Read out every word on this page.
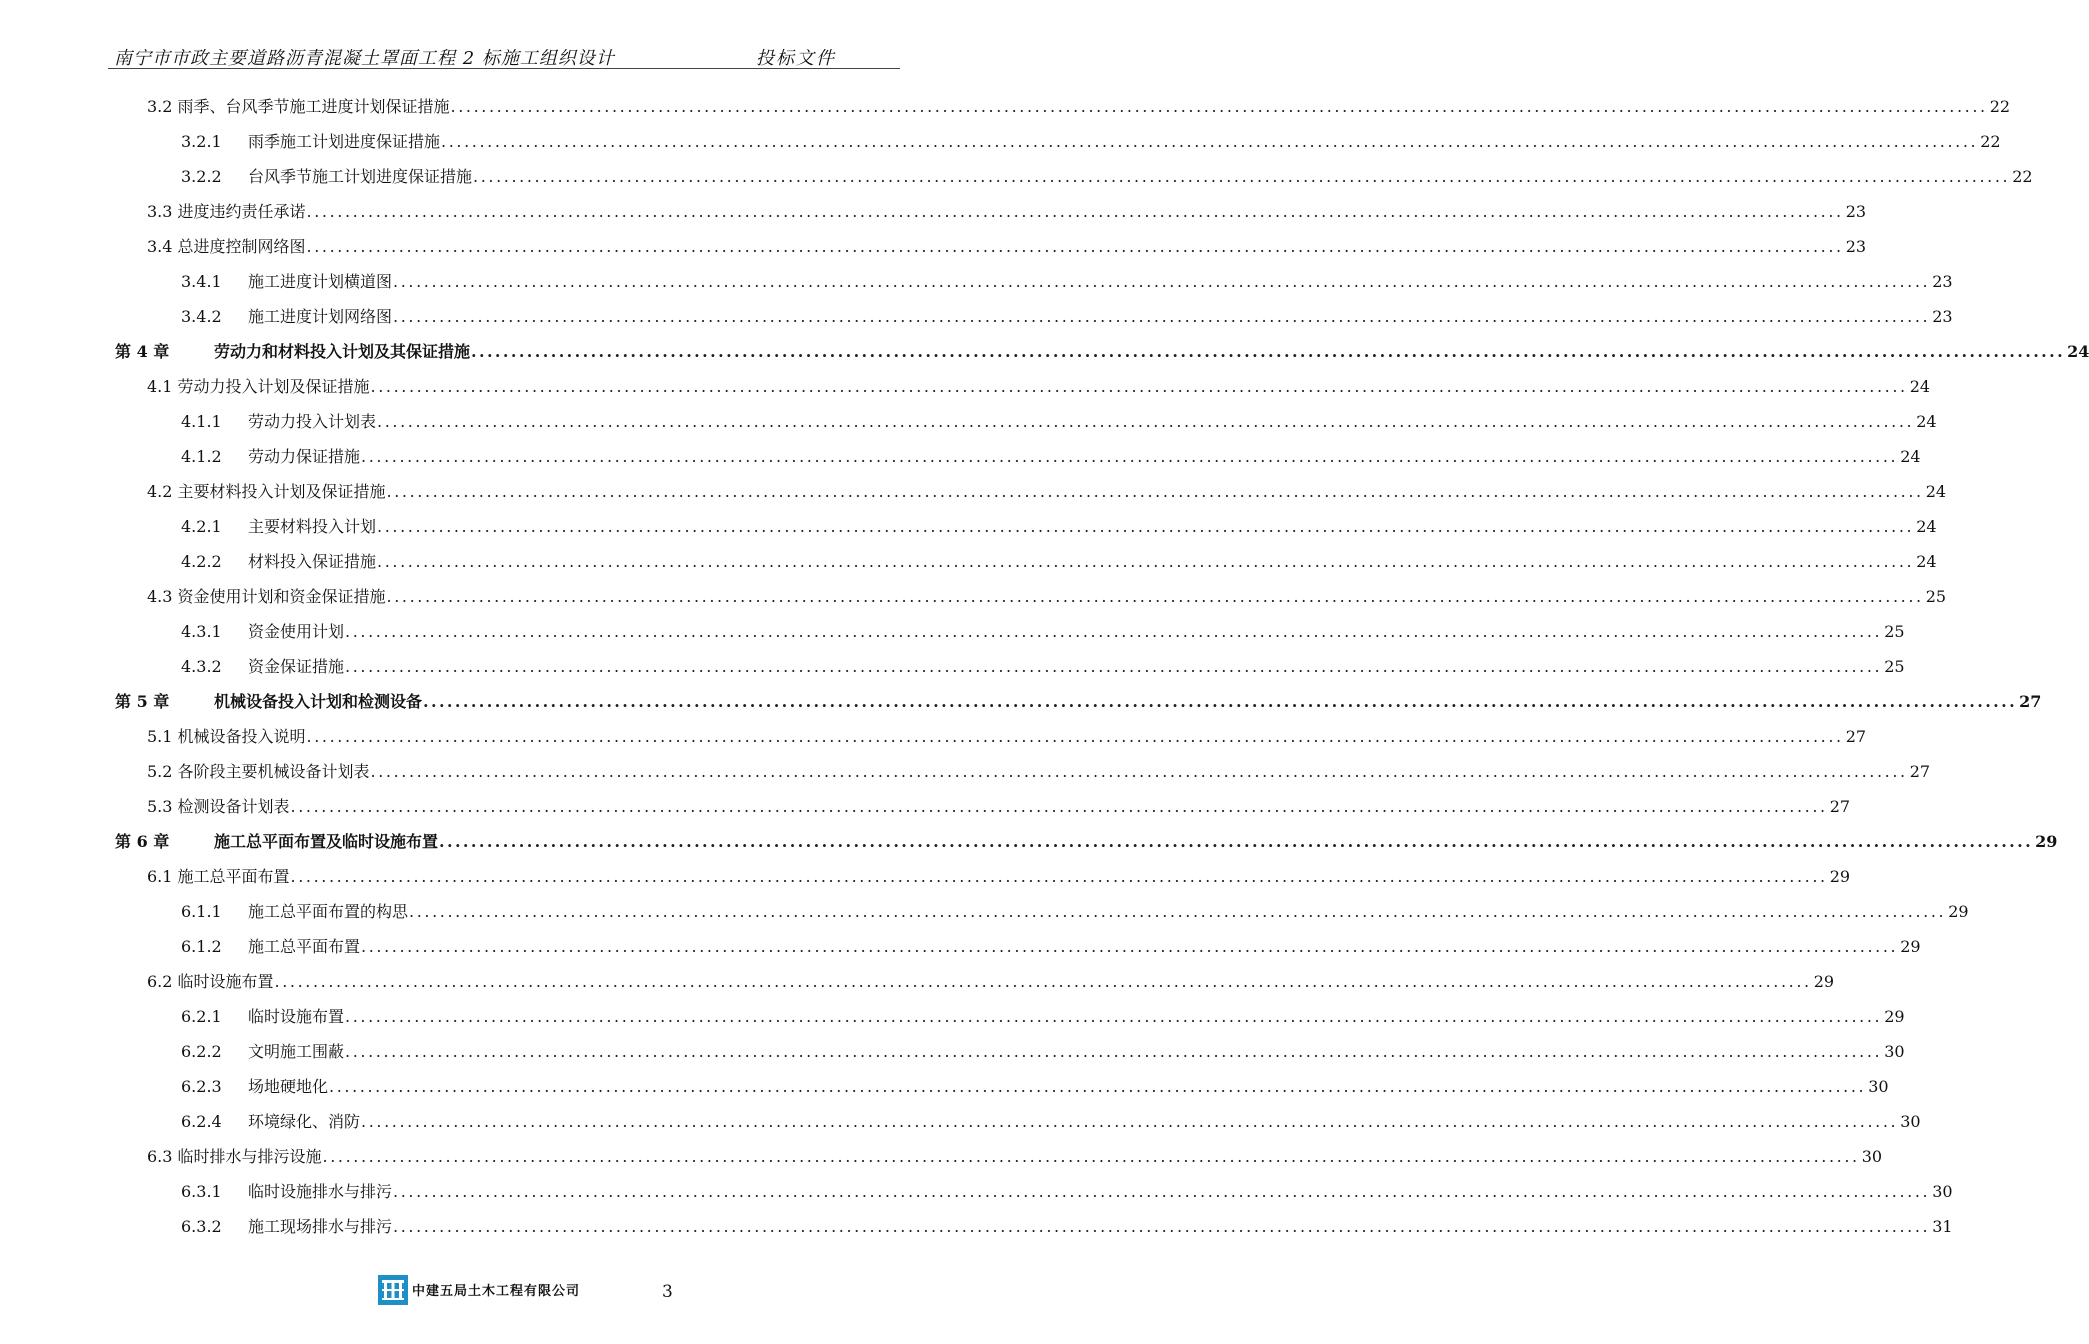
南宁市市政主要道路沥青混凝土罩面工程 2 标施工组织设计	投标文件
3.2 雨季、台风季节施工进度计划保证措施 ........................................................................................................................................................................................................ 22
3.2.1 雨季施工计划进度保证措施 ........................................................................................................................................................................................................ 22
3.2.2 台风季节施工计划进度保证措施 ........................................................................................................................................................................................................ 22
3.3 进度违约责任承诺 ........................................................................................................................................................................................................ 23
3.4 总进度控制网络图 ........................................................................................................................................................................................................ 23
3.4.1 施工进度计划横道图 ........................................................................................................................................................................................................ 23
3.4.2 施工进度计划网络图 ........................................................................................................................................................................................................ 23
第 4 章	劳动力和材料投入计划及其保证措施 ........................................................................................................................................................................................................ 24
4.1 劳动力投入计划及保证措施 ........................................................................................................................................................................................................ 24
4.1.1 劳动力投入计划表 ........................................................................................................................................................................................................ 24
4.1.2 劳动力保证措施 ........................................................................................................................................................................................................ 24
4.2 主要材料投入计划及保证措施 ........................................................................................................................................................................................................ 24
4.2.1 主要材料投入计划 ........................................................................................................................................................................................................ 24
4.2.2 材料投入保证措施 ........................................................................................................................................................................................................ 24
4.3 资金使用计划和资金保证措施 ........................................................................................................................................................................................................ 25
4.3.1 资金使用计划 ........................................................................................................................................................................................................ 25
4.3.2 资金保证措施 ........................................................................................................................................................................................................ 25
第 5 章	机械设备投入计划和检测设备 ........................................................................................................................................................................................................ 27
5.1 机械设备投入说明 ........................................................................................................................................................................................................ 27
5.2 各阶段主要机械设备计划表 ........................................................................................................................................................................................................ 27
5.3 检测设备计划表 ........................................................................................................................................................................................................ 27
第 6 章	施工总平面布置及临时设施布置 ........................................................................................................................................................................................................ 29
6.1 施工总平面布置 ........................................................................................................................................................................................................ 29
6.1.1 施工总平面布置的构思 ........................................................................................................................................................................................................ 29
6.1.2 施工总平面布置 ........................................................................................................................................................................................................ 29
6.2 临时设施布置 ........................................................................................................................................................................................................ 29
6.2.1 临时设施布置 ........................................................................................................................................................................................................ 29
6.2.2 文明施工围蔽 ........................................................................................................................................................................................................ 30
6.2.3 场地硬地化 ........................................................................................................................................................................................................ 30
6.2.4 环境绿化、消防 ........................................................................................................................................................................................................ 30
6.3 临时排水与排污设施 ........................................................................................................................................................................................................ 30
6.3.1 临时设施排水与排污 ........................................................................................................................................................................................................ 30
6.3.2 施工现场排水与排污 ........................................................................................................................................................................................................ 31
中建五局土木工程有限公司	3
